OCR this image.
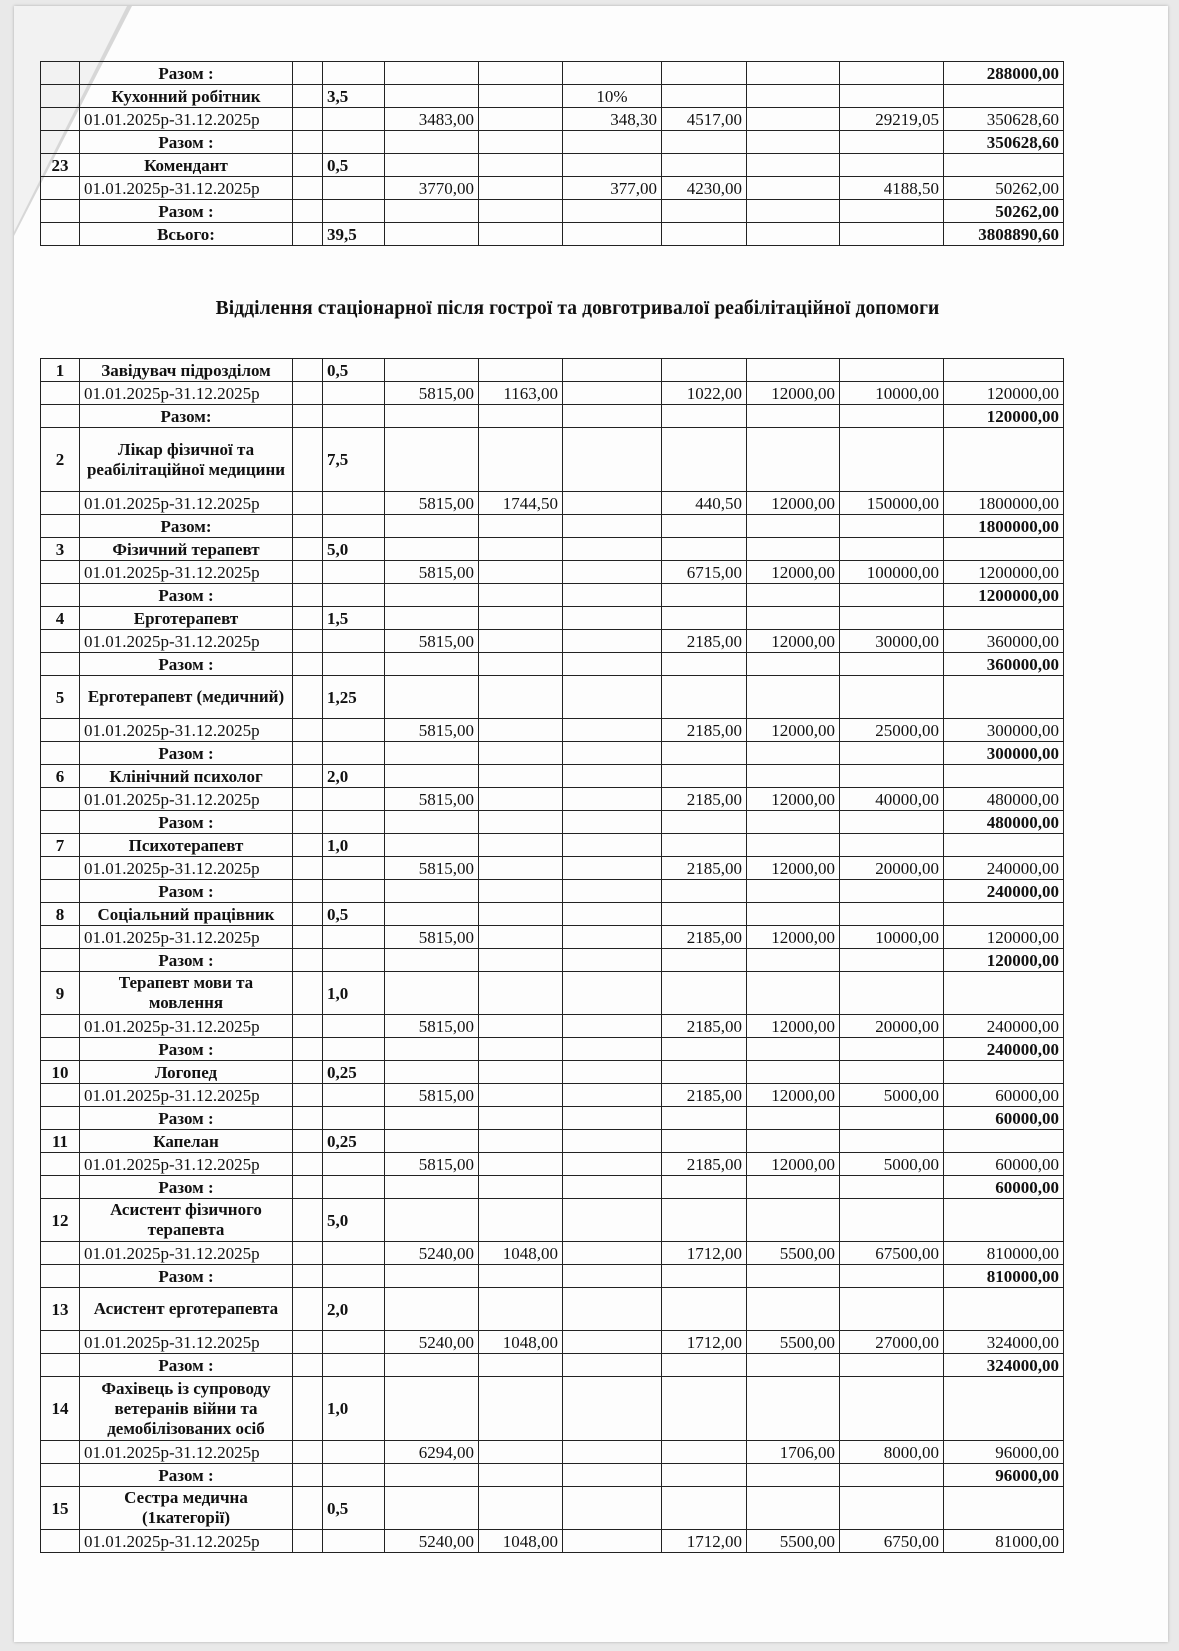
	Разом :									288000,00
	Кухонний робітник		3,5			10%				
	01.01.2025р-31.12.2025р			3483,00		348,30	4517,00		29219,05	350628,60
	Разом :									350628,60
23	Комендант		0,5							
	01.01.2025р-31.12.2025р			3770,00		377,00	4230,00		4188,50	50262,00
	Разом :									50262,00
	Всього:		39,5							3808890,60
Відділення стаціонарної після гострої та довготривалої реабілітаційної допомоги
1	Завідувач підрозділом		0,5							
	01.01.2025р-31.12.2025р			5815,00	1163,00		1022,00	12000,00	10000,00	120000,00
	Разом:									120000,00
2	Лікар фізичної та реабілітаційної медицини		7,5							
	01.01.2025р-31.12.2025р			5815,00	1744,50		440,50	12000,00	150000,00	1800000,00
	Разом:									1800000,00
3	Фізичний терапевт		5,0							
	01.01.2025р-31.12.2025р			5815,00			6715,00	12000,00	100000,00	1200000,00
	Разом :									1200000,00
4	Ерготерапевт		1,5							
	01.01.2025р-31.12.2025р			5815,00			2185,00	12000,00	30000,00	360000,00
	Разом :									360000,00
5	Ерготерапевт (медичний)		1,25							
	01.01.2025р-31.12.2025р			5815,00			2185,00	12000,00	25000,00	300000,00
	Разом :									300000,00
6	Клінічний психолог		2,0							
	01.01.2025р-31.12.2025р			5815,00			2185,00	12000,00	40000,00	480000,00
	Разом :									480000,00
7	Психотерапевт		1,0							
	01.01.2025р-31.12.2025р			5815,00			2185,00	12000,00	20000,00	240000,00
	Разом :									240000,00
8	Соціальний працівник		0,5							
	01.01.2025р-31.12.2025р			5815,00			2185,00	12000,00	10000,00	120000,00
	Разом :									120000,00
9	Терапевт мови та мовлення		1,0							
	01.01.2025р-31.12.2025р			5815,00			2185,00	12000,00	20000,00	240000,00
	Разом :									240000,00
10	Логопед		0,25							
	01.01.2025р-31.12.2025р			5815,00			2185,00	12000,00	5000,00	60000,00
	Разом :									60000,00
11	Капелан		0,25							
	01.01.2025р-31.12.2025р			5815,00			2185,00	12000,00	5000,00	60000,00
	Разом :									60000,00
12	Асистент фізичного терапевта		5,0							
	01.01.2025р-31.12.2025р			5240,00	1048,00		1712,00	5500,00	67500,00	810000,00
	Разом :									810000,00
13	Асистент ерготерапевта		2,0							
	01.01.2025р-31.12.2025р			5240,00	1048,00		1712,00	5500,00	27000,00	324000,00
	Разом :									324000,00
14	Фахівець із супроводу ветеранів війни та демобілізованих осіб		1,0							
	01.01.2025р-31.12.2025р			6294,00				1706,00	8000,00	96000,00
	Разом :									96000,00
15	Сестра медична (1категорії)		0,5							
	01.01.2025р-31.12.2025р			5240,00	1048,00		1712,00	5500,00	6750,00	81000,00
